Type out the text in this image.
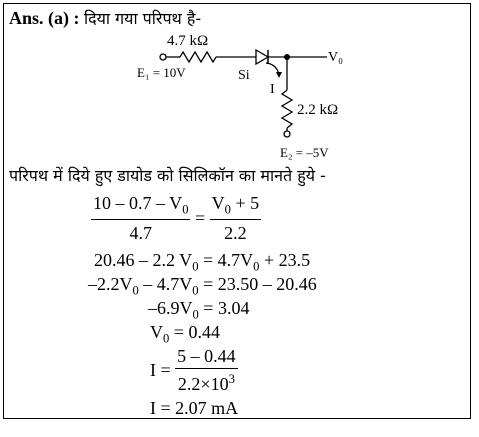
Ans. (a) : दिया गया परिपथ है-
4.7 kΩ
E₁ = 10V	Si
V₀
I
2.2 kΩ
E₂ = –5V
परिपथ में दिये हुए डायोड को सिलिकॉन का मानते हुये -
$\frac{10 - 0.7 - V_0}{4.7} = \frac{V_0 + 5}{2.2}$
20.46 – 2.2 $V_0 = 4.7V_0 + 23.5$
$-2.2V_0 - 4.7V_0 = 23.50 - 20.46$
$-6.9V_0 = 3.04$
$V_0 = 0.44$
$I = \frac{5 - 0.44}{2.2\times 10^3}$
I = 2.07 mA
